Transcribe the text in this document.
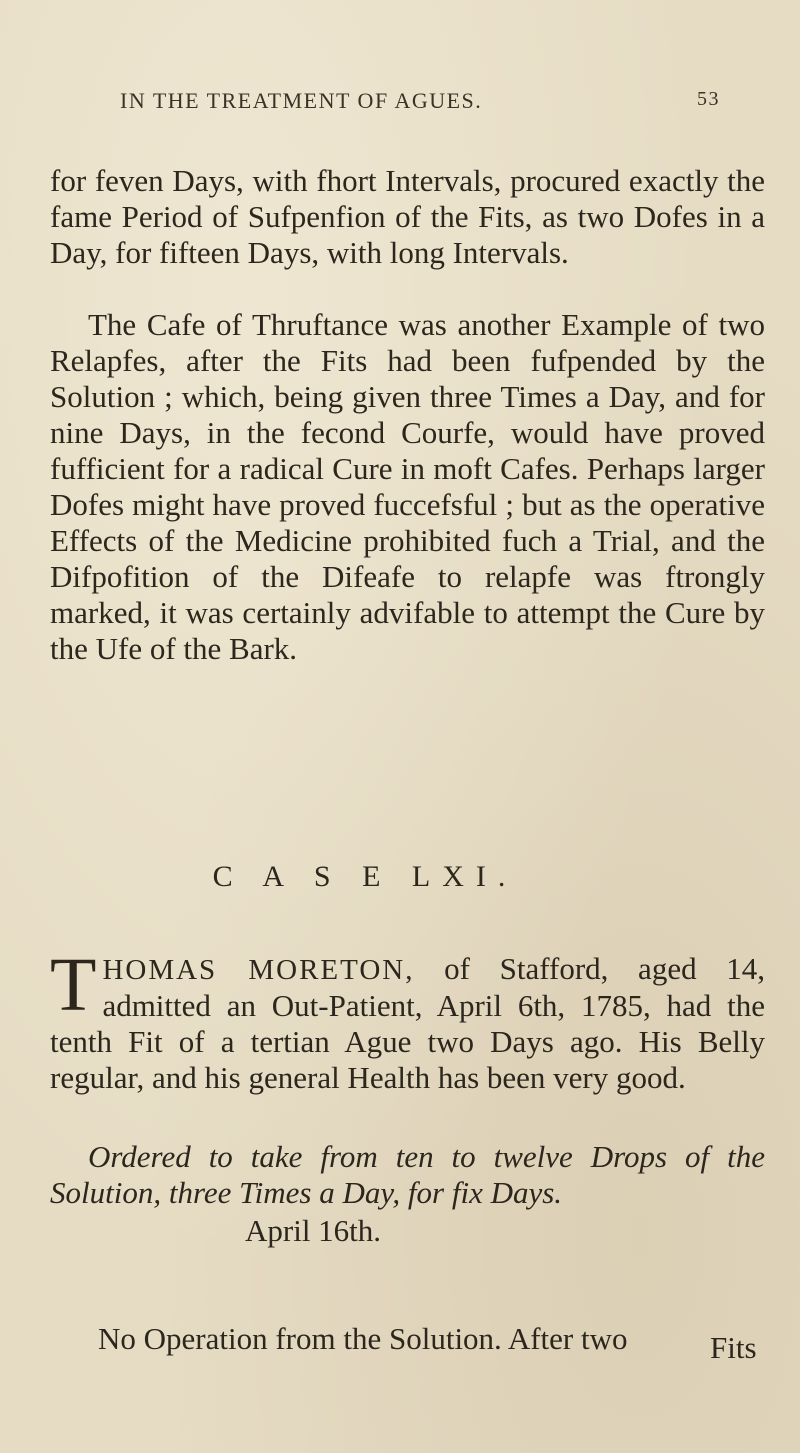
IN THE TREATMENT OF AGUES.	53

for feven Days, with fhort Intervals, procured exactly the fame Period of Sufpenfion of the Fits, as two Dofes in a Day, for fifteen Days, with long Intervals.

The Cafe of Thruftance was another Example of two Relapfes, after the Fits had been fufpended by the Solution ; which, being given three Times a Day, and for nine Days, in the fecond Courfe, would have proved fufficient for a radical Cure in moft Cafes. Perhaps larger Dofes might have proved fuccefsful ; but as the operative Effects of the Medicine prohibited fuch a Trial, and the Difpofition of the Difeafe to relapfe was ftrongly marked, it was certainly advifable to attempt the Cure by the Ufe of the Bark.

C A S E LXI.

THOMAS MORETON, of Stafford, aged 14, admitted an Out-Patient, April 6th, 1785, had the tenth Fit of a tertian Ague two Days ago. His Belly regular, and his general Health has been very good.

Ordered to take from ten to twelve Drops of the Solution, three Times a Day, for fix Days.

April 16th.

No Operation from the Solution. After two	Fits
